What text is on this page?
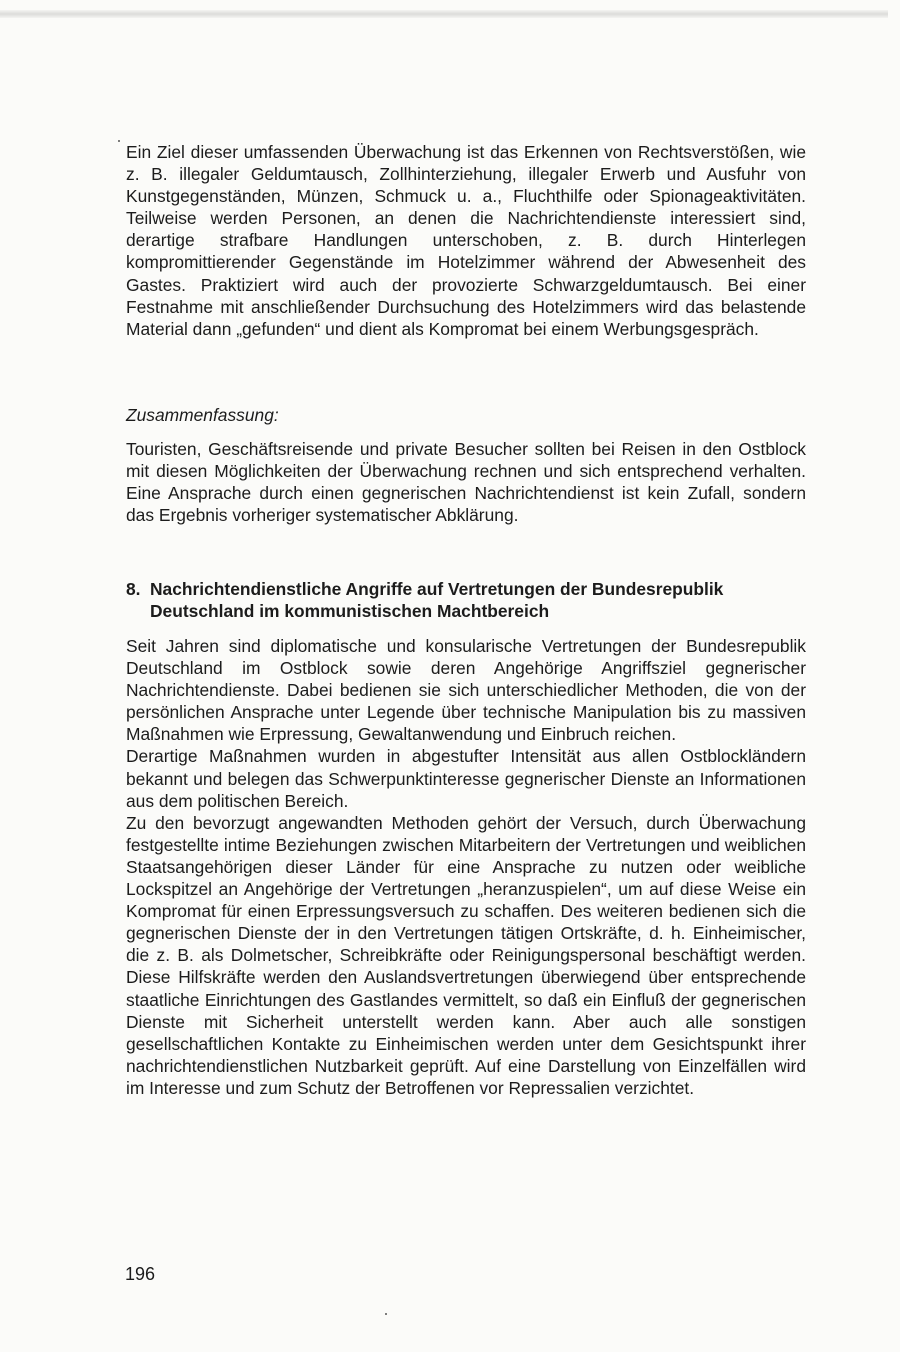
Ein Ziel dieser umfassenden Überwachung ist das Erkennen von Rechtsverstößen, wie z. B. illegaler Geldumtausch, Zollhinterziehung, illegaler Erwerb und Ausfuhr von Kunstgegenständen, Münzen, Schmuck u. a., Fluchthilfe oder Spionageaktivitäten. Teilweise werden Personen, an denen die Nachrichtendienste interessiert sind, derartige strafbare Handlungen unterschoben, z. B. durch Hinterlegen kompromittierender Gegenstände im Hotelzimmer während der Abwesenheit des Gastes. Praktiziert wird auch der provozierte Schwarzgeldumtausch. Bei einer Festnahme mit anschließender Durchsuchung des Hotelzimmers wird das belastende Material dann „gefunden“ und dient als Kompromat bei einem Werbungsgespräch.

Zusammenfassung:

Touristen, Geschäftsreisende und private Besucher sollten bei Reisen in den Ostblock mit diesen Möglichkeiten der Überwachung rechnen und sich entsprechend verhalten. Eine Ansprache durch einen gegnerischen Nachrichtendienst ist kein Zufall, sondern das Ergebnis vorheriger systematischer Abklärung.

8. Nachrichtendienstliche Angriffe auf Vertretungen der Bundesrepublik Deutschland im kommunistischen Machtbereich

Seit Jahren sind diplomatische und konsularische Vertretungen der Bundesrepublik Deutschland im Ostblock sowie deren Angehörige Angriffsziel gegnerischer Nachrichtendienste. Dabei bedienen sie sich unterschiedlicher Methoden, die von der persönlichen Ansprache unter Legende über technische Manipulation bis zu massiven Maßnahmen wie Erpressung, Gewaltanwendung und Einbruch reichen.

Derartige Maßnahmen wurden in abgestufter Intensität aus allen Ostblockländern bekannt und belegen das Schwerpunktinteresse gegnerischer Dienste an Informationen aus dem politischen Bereich.

Zu den bevorzugt angewandten Methoden gehört der Versuch, durch Überwachung festgestellte intime Beziehungen zwischen Mitarbeitern der Vertretungen und weiblichen Staatsangehörigen dieser Länder für eine Ansprache zu nutzen oder weibliche Lockspitzel an Angehörige der Vertretungen „heranzuspielen“, um auf diese Weise ein Kompromat für einen Erpressungsversuch zu schaffen. Des weiteren bedienen sich die gegnerischen Dienste der in den Vertretungen tätigen Ortskräfte, d. h. Einheimischer, die z. B. als Dolmetscher, Schreibkräfte oder Reinigungspersonal beschäftigt werden. Diese Hilfskräfte werden den Auslandsvertretungen überwiegend über entsprechende staatliche Einrichtungen des Gastlandes vermittelt, so daß ein Einfluß der gegnerischen Dienste mit Sicherheit unterstellt werden kann. Aber auch alle sonstigen gesellschaftlichen Kontakte zu Einheimischen werden unter dem Gesichtspunkt ihrer nachrichtendienstlichen Nutzbarkeit geprüft. Auf eine Darstellung von Einzelfällen wird im Interesse und zum Schutz der Betroffenen vor Repressalien verzichtet.

196
